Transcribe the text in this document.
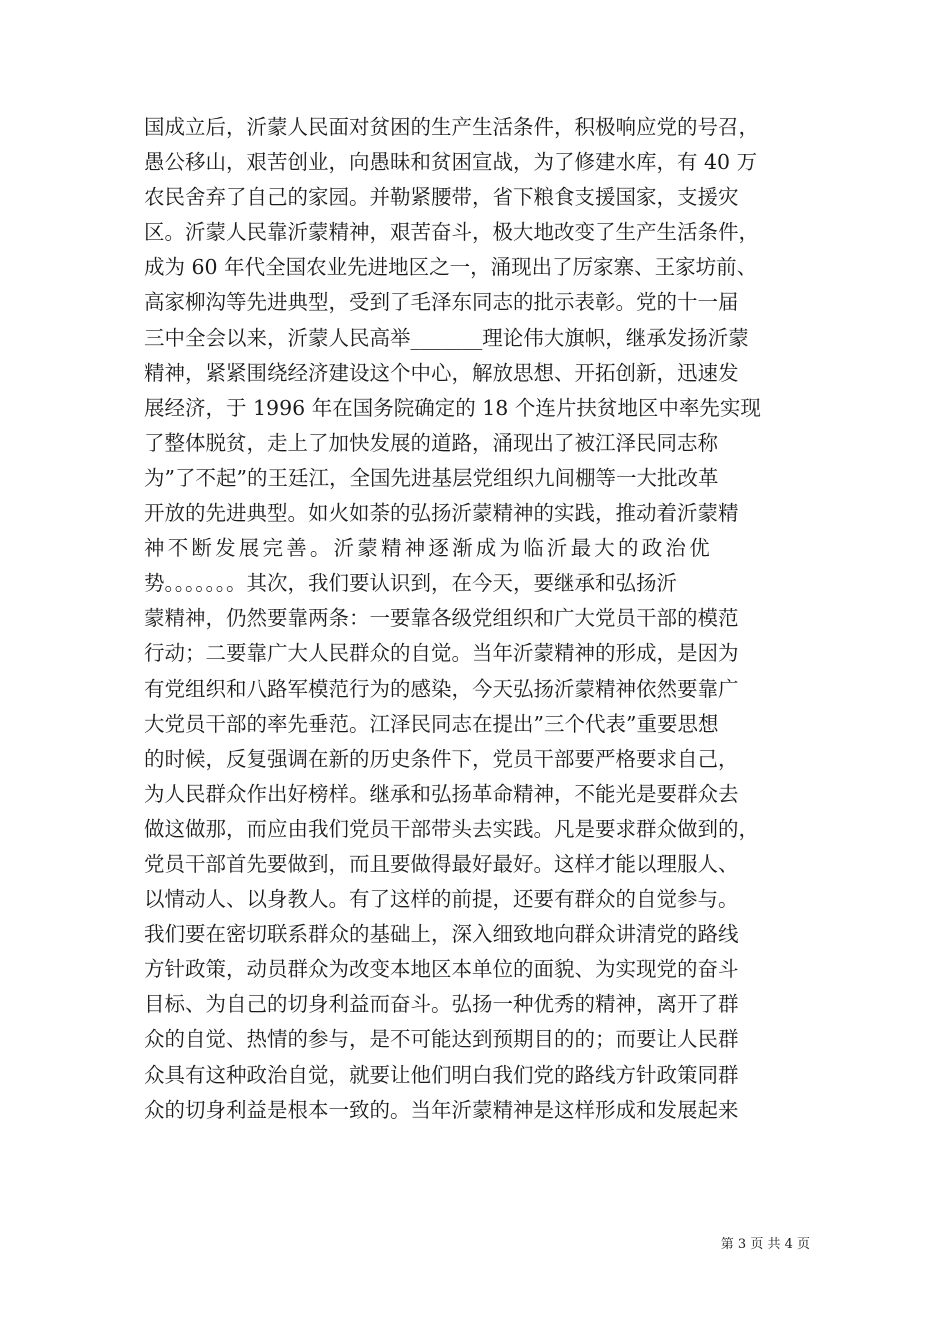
国成立后，沂蒙人民面对贫困的生产生活条件，积极响应党的号召，
愚公移山，艰苦创业，向愚昧和贫困宣战，为了修建水库，有 40 万
农民舍弃了自己的家园。并勒紧腰带，省下粮食支援国家，支援灾
区。沂蒙人民靠沂蒙精神，艰苦奋斗，极大地改变了生产生活条件，
成为 60 年代全国农业先进地区之一，涌现出了厉家寨、王家坊前、
高家柳沟等先进典型，受到了毛泽东同志的批示表彰。党的十一届
三中全会以来，沂蒙人民高举_______理论伟大旗帜，继承发扬沂蒙
精神，紧紧围绕经济建设这个中心，解放思想、开拓创新，迅速发
展经济，于 1996 年在国务院确定的 18 个连片扶贫地区中率先实现
了整体脱贫，走上了加快发展的道路，涌现出了被江泽民同志称
为”了不起”的王廷江，全国先进基层党组织九间棚等一大批改革
开放的先进典型。如火如荼的弘扬沂蒙精神的实践，推动着沂蒙精
神不断发展完善。沂蒙精神逐渐成为临沂最大的政治优
势。。。。。。。其次，我们要认识到，在今天，要继承和弘扬沂
蒙精神，仍然要靠两条：一要靠各级党组织和广大党员干部的模范
行动；二要靠广大人民群众的自觉。当年沂蒙精神的形成，是因为
有党组织和八路军模范行为的感染，今天弘扬沂蒙精神依然要靠广
大党员干部的率先垂范。江泽民同志在提出”三个代表”重要思想
的时候，反复强调在新的历史条件下，党员干部要严格要求自己，
为人民群众作出好榜样。继承和弘扬革命精神，不能光是要群众去
做这做那，而应由我们党员干部带头去实践。凡是要求群众做到的，
党员干部首先要做到，而且要做得最好最好。这样才能以理服人、
以情动人、以身教人。有了这样的前提，还要有群众的自觉参与。
我们要在密切联系群众的基础上，深入细致地向群众讲清党的路线
方针政策，动员群众为改变本地区本单位的面貌、为实现党的奋斗
目标、为自己的切身利益而奋斗。弘扬一种优秀的精神，离开了群
众的自觉、热情的参与，是不可能达到预期目的的；而要让人民群
众具有这种政治自觉，就要让他们明白我们党的路线方针政策同群
众的切身利益是根本一致的。当年沂蒙精神是这样形成和发展起来
第 3 页 共 4 页
